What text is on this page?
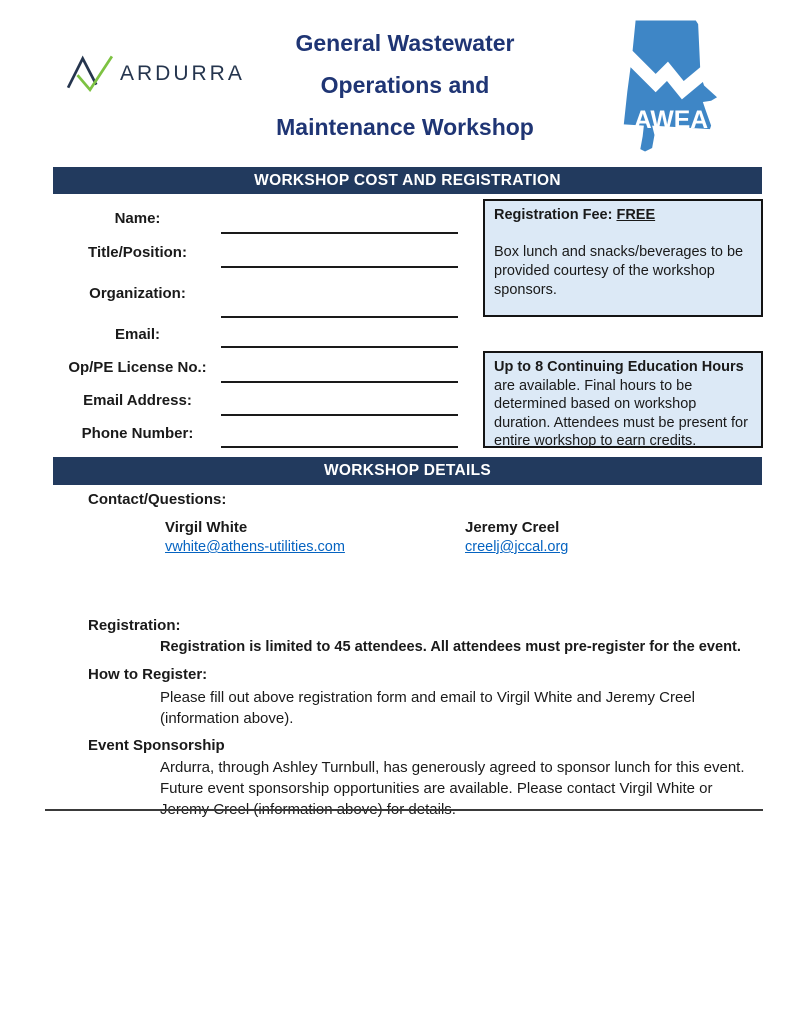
ARDURRA
General Wastewater
Operations and
Maintenance Workshop	AWEA
WORKSHOP COST AND REGISTRATION
Name:
Title/Position:
Organization:
Email:
Op/PE License No.:
Email Address:
Phone Number:
Registration Fee: FREE
Box lunch and snacks/beverages to be provided courtesy of the workshop sponsors.
Up to 8 Continuing Education Hours are available. Final hours to be determined based on workshop duration. Attendees must be present for entire workshop to earn credits.
WORKSHOP DETAILS
Contact/Questions:
Virgil White
vwhite@athens-utilities.com
Jeremy Creel
creelj@jccal.org
Registration:
Registration is limited to 45 attendees. All attendees must pre-register for the event.
How to Register:
Please fill out above registration form and email to Virgil White and Jeremy Creel (information above).
Event Sponsorship
Ardurra, through Ashley Turnbull, has generously agreed to sponsor lunch for this event. Future event sponsorship opportunities are available. Please contact Virgil White or Jeremy Creel (information above) for details.
